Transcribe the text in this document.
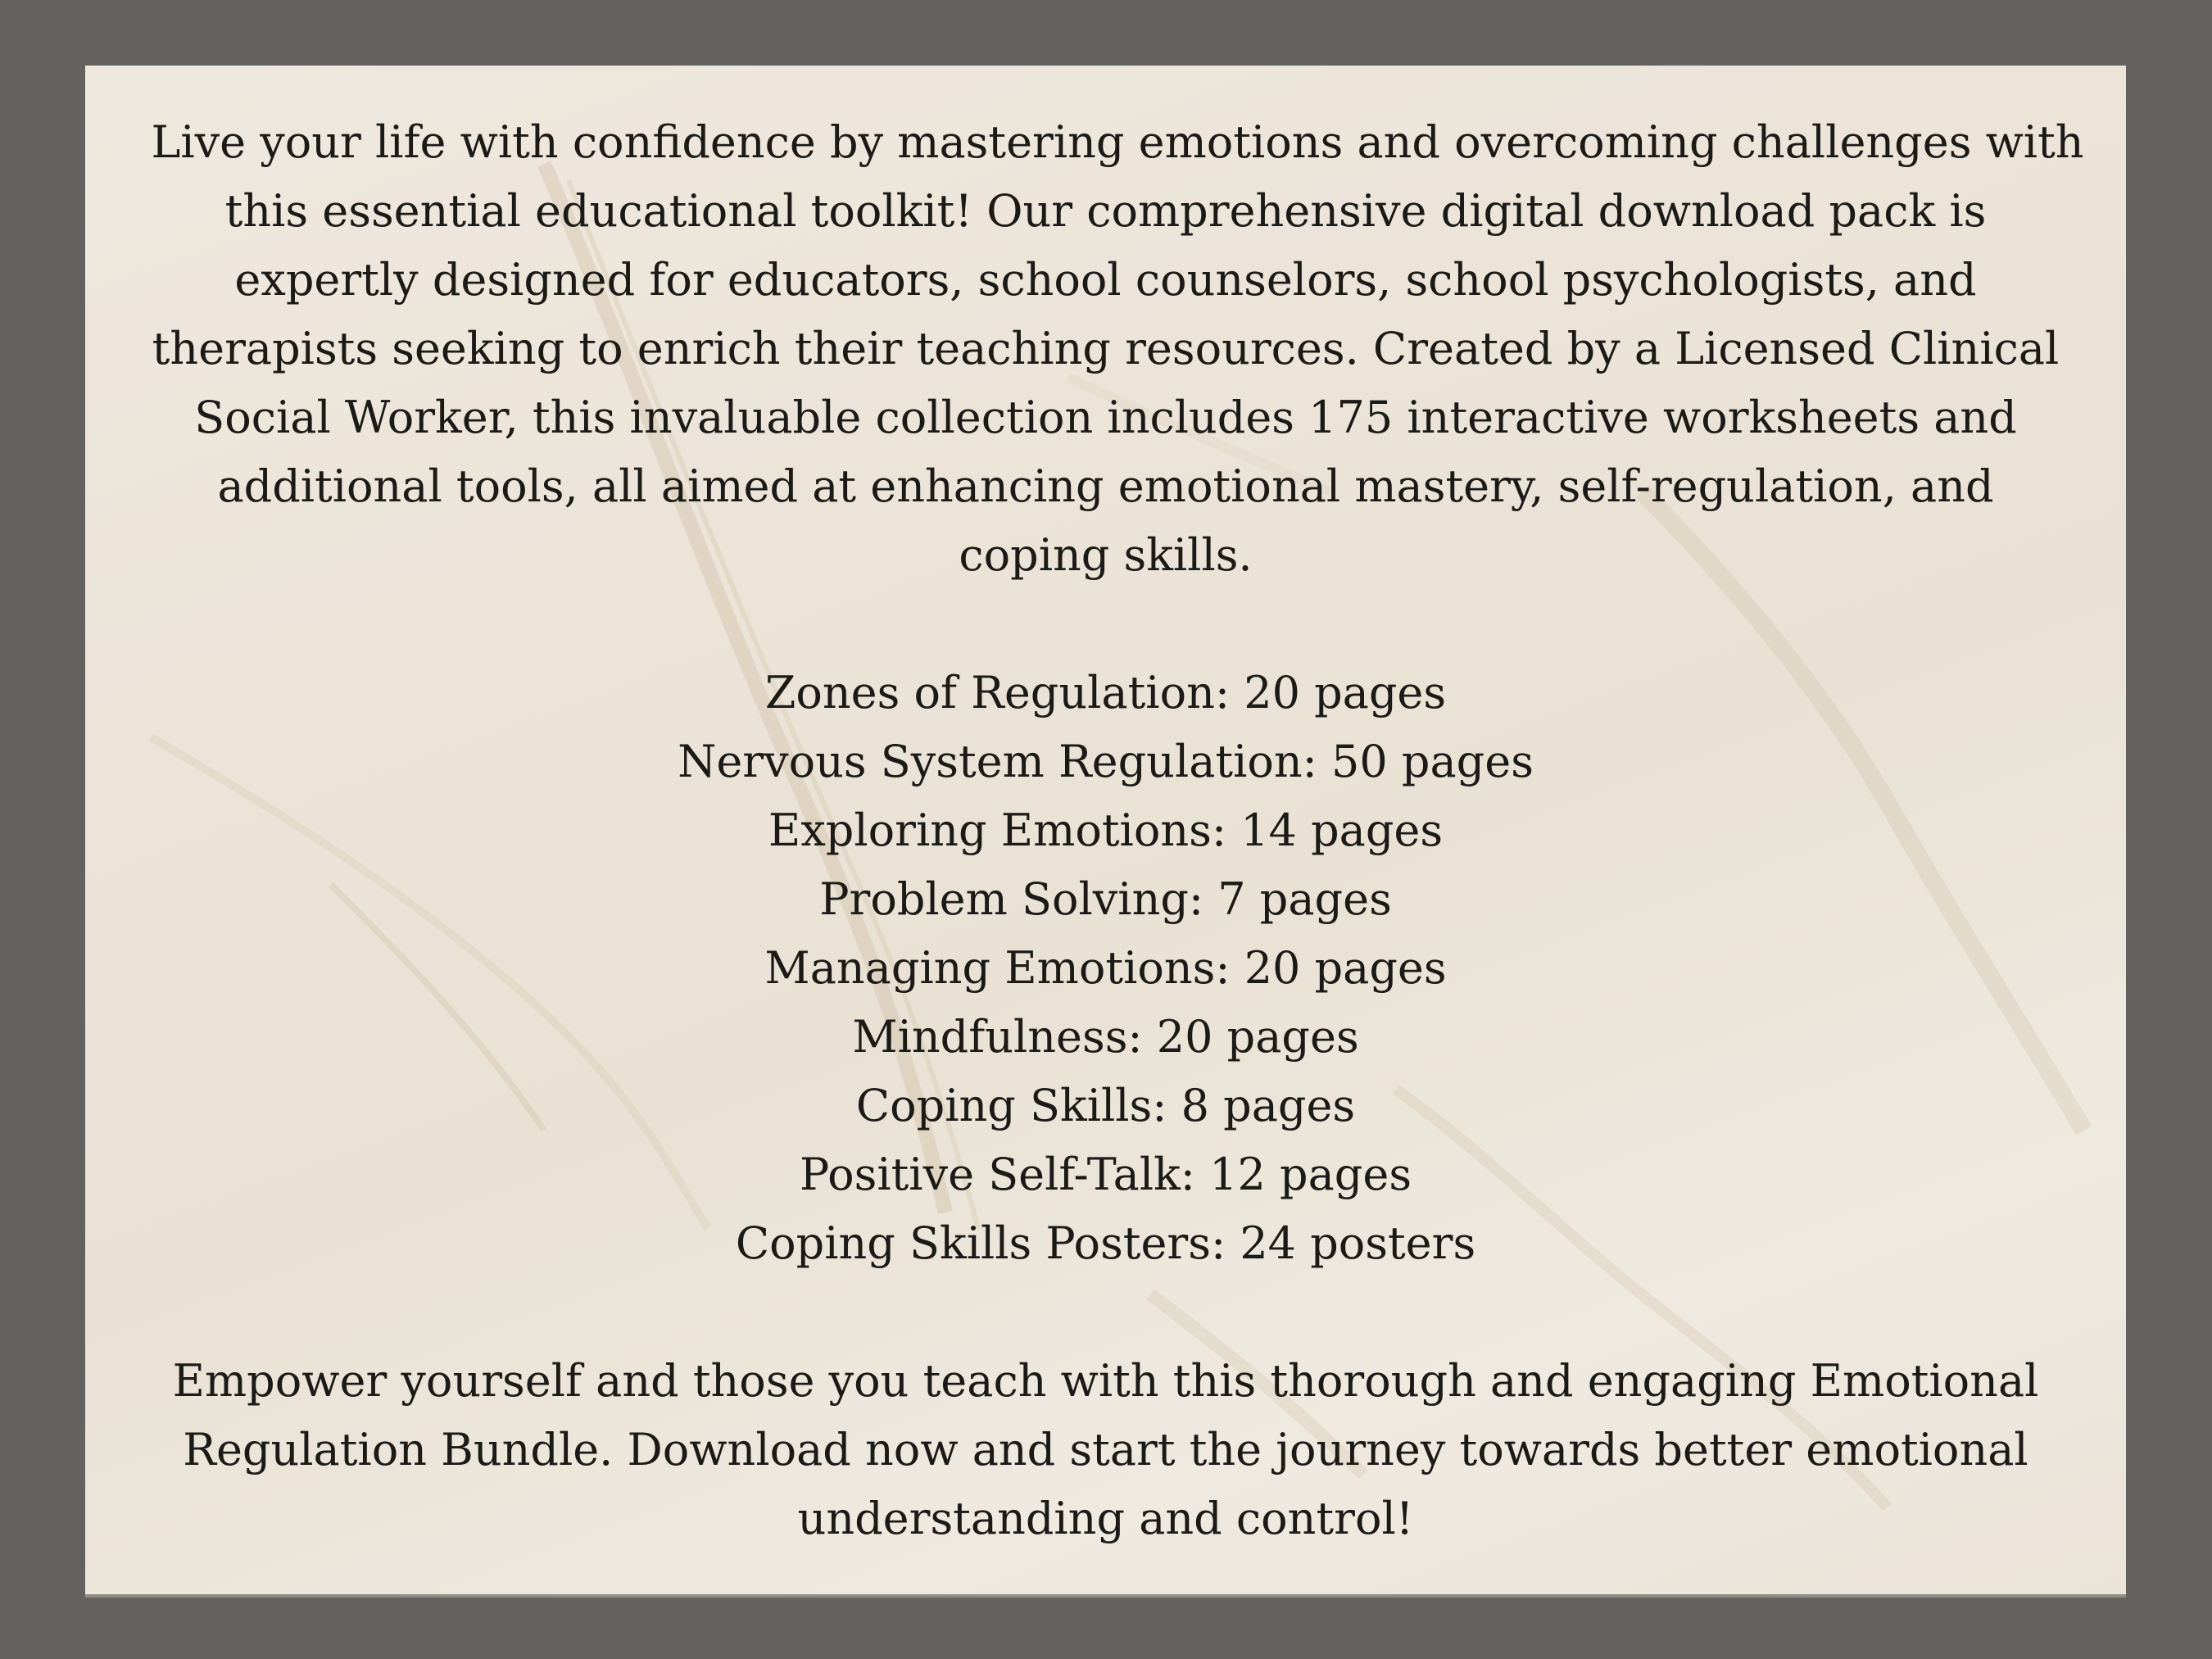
Live your life with confidence by mastering emotions and overcoming challenges with
this essential educational toolkit! Our comprehensive digital download pack is
expertly designed for educators, school counselors, school psychologists, and
therapists seeking to enrich their teaching resources. Created by a Licensed Clinical
Social Worker, this invaluable collection includes 175 interactive worksheets and
additional tools, all aimed at enhancing emotional mastery, self-regulation, and
coping skills.
Zones of Regulation: 20 pages
Nervous System Regulation: 50 pages
Exploring Emotions: 14 pages
Problem Solving: 7 pages
Managing Emotions: 20 pages
Mindfulness: 20 pages
Coping Skills: 8 pages
Positive Self-Talk: 12 pages
Coping Skills Posters: 24 posters
Empower yourself and those you teach with this thorough and engaging Emotional
Regulation Bundle. Download now and start the journey towards better emotional
understanding and control!
